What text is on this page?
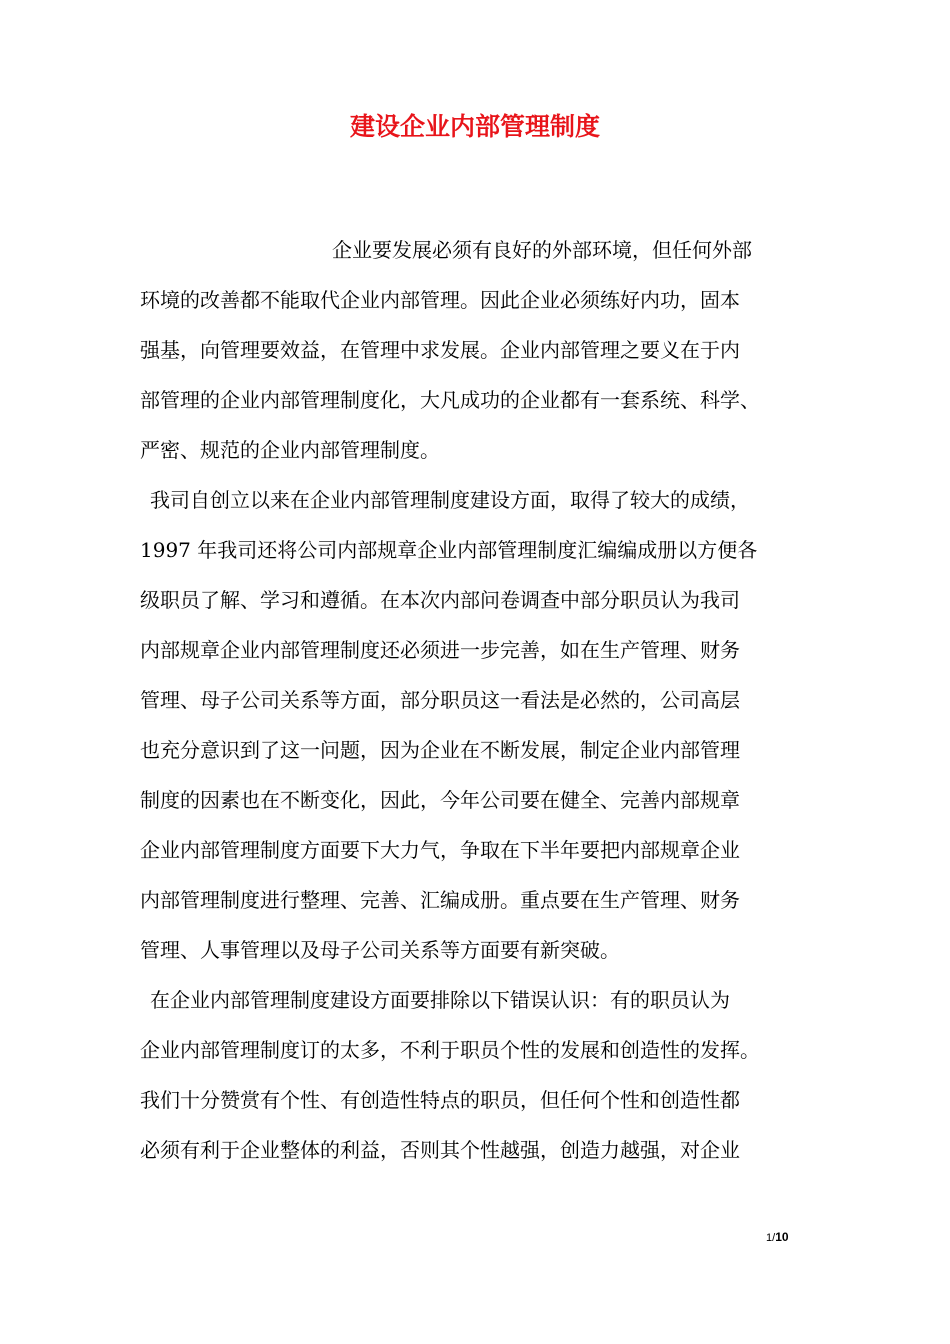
建设企业内部管理制度

企业要发展必须有良好的外部环境，但任何外部

环境的改善都不能取代企业内部管理。因此企业必须练好内功，固本

强基，向管理要效益，在管理中求发展。企业内部管理之要义在于内

部管理的企业内部管理制度化，大凡成功的企业都有一套系统、科学、

严密、规范的企业内部管理制度。

我司自创立以来在企业内部管理制度建设方面，取得了较大的成绩，

1997 年我司还将公司内部规章企业内部管理制度汇编编成册以方便各

级职员了解、学习和遵循。在本次内部问卷调查中部分职员认为我司

内部规章企业内部管理制度还必须进一步完善，如在生产管理、财务

管理、母子公司关系等方面，部分职员这一看法是必然的，公司高层

也充分意识到了这一问题，因为企业在不断发展，制定企业内部管理

制度的因素也在不断变化，因此，今年公司要在健全、完善内部规章

企业内部管理制度方面要下大力气，争取在下半年要把内部规章企业

内部管理制度进行整理、完善、汇编成册。重点要在生产管理、财务

管理、人事管理以及母子公司关系等方面要有新突破。

在企业内部管理制度建设方面要排除以下错误认识：有的职员认为

企业内部管理制度订的太多，不利于职员个性的发展和创造性的发挥。

我们十分赞赏有个性、有创造性特点的职员，但任何个性和创造性都

必须有利于企业整体的利益，否则其个性越强，创造力越强，对企业

1/10
